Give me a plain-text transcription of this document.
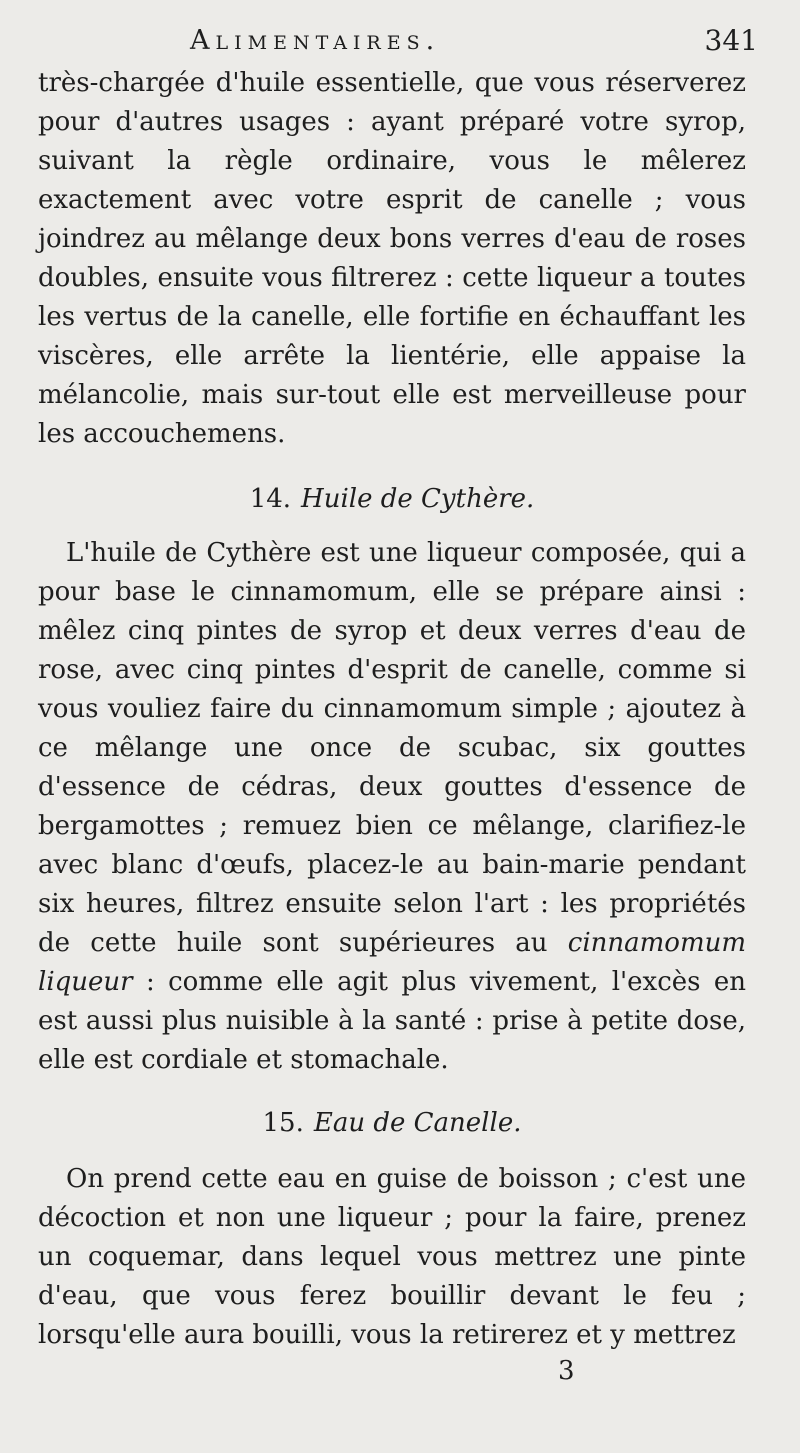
Alimentaires.	341

très-chargée d'huile essentielle, que vous réserverez pour d'autres usages : ayant préparé votre syrop, suivant la règle ordinaire, vous le mêlerez exactement avec votre esprit de canelle ; vous joindrez au mêlange deux bons verres d'eau de roses doubles, ensuite vous filtrerez : cette liqueur a toutes les vertus de la canelle, elle fortifie en échauffant les viscères, elle arrête la lientérie, elle appaise la mélancolie, mais sur-tout elle est merveilleuse pour les accouchemens.

14. Huile de Cythère.

L'huile de Cythère est une liqueur composée, qui a pour base le cinnamomum, elle se prépare ainsi : mêlez cinq pintes de syrop et deux verres d'eau de rose, avec cinq pintes d'esprit de canelle, comme si vous vouliez faire du cinnamomum simple ; ajoutez à ce mêlange une once de scubac, six gouttes d'essence de cédras, deux gouttes d'essence de bergamottes ; remuez bien ce mêlange, clarifiez-le avec blanc d'œufs, placez-le au bain-marie pendant six heures, filtrez ensuite selon l'art : les propriétés de cette huile sont supérieures au cinnamomum liqueur : comme elle agit plus vivement, l'excès en est aussi plus nuisible à la santé : prise à petite dose, elle est cordiale et stomachale.

15. Eau de Canelle.

On prend cette eau en guise de boisson ; c'est une décoction et non une liqueur ; pour la faire, prenez un coquemar, dans lequel vous mettrez une pinte d'eau, que vous ferez bouillir devant le feu ; lorsqu'elle aura bouilli, vous la retirerez et y mettrez

3
